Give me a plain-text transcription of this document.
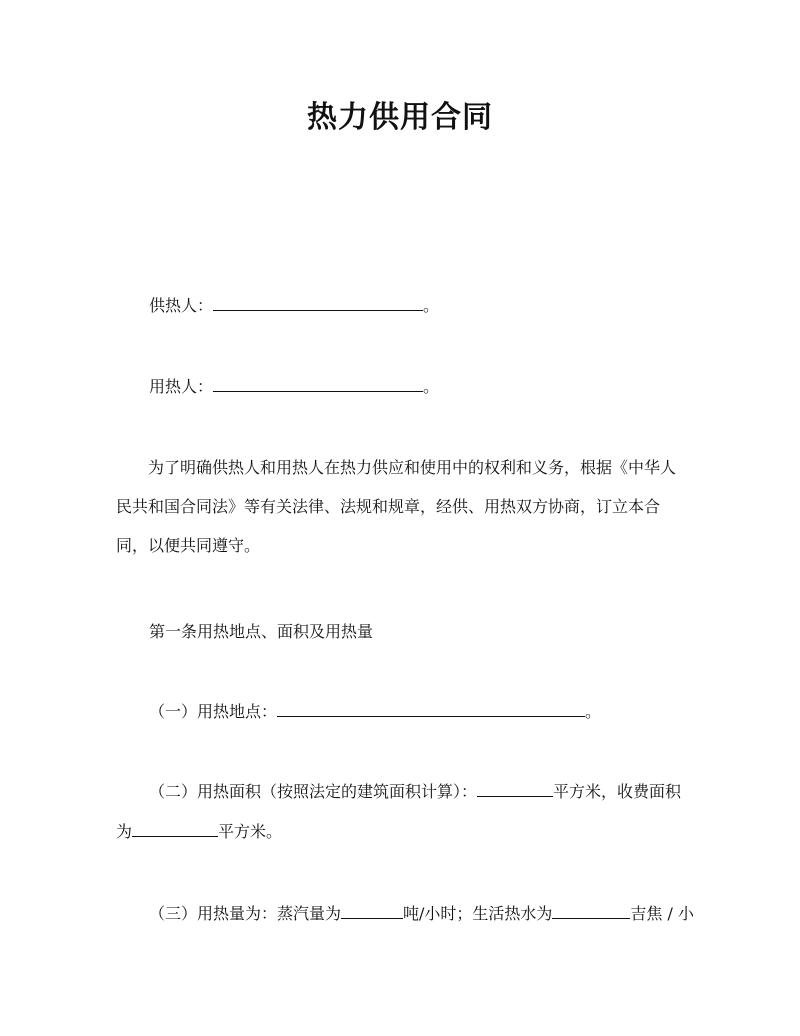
热力供用合同
供热人：	。
用热人：	。
为了明确供热人和用热人在热力供应和使用中的权利和义务，根据《中华人民共和国合同法》等有关法律、法规和规章，经供、用热双方协商，订立本合同，以便共同遵守。
第一条用热地点、面积及用热量
（一）用热地点：	。
（二）用热面积（按照法定的建筑面积计算）：	平方米，收费面积
为	平方米。
（三）用热量为：蒸汽量为	吨/小时；生活热水为	吉焦 / 小
